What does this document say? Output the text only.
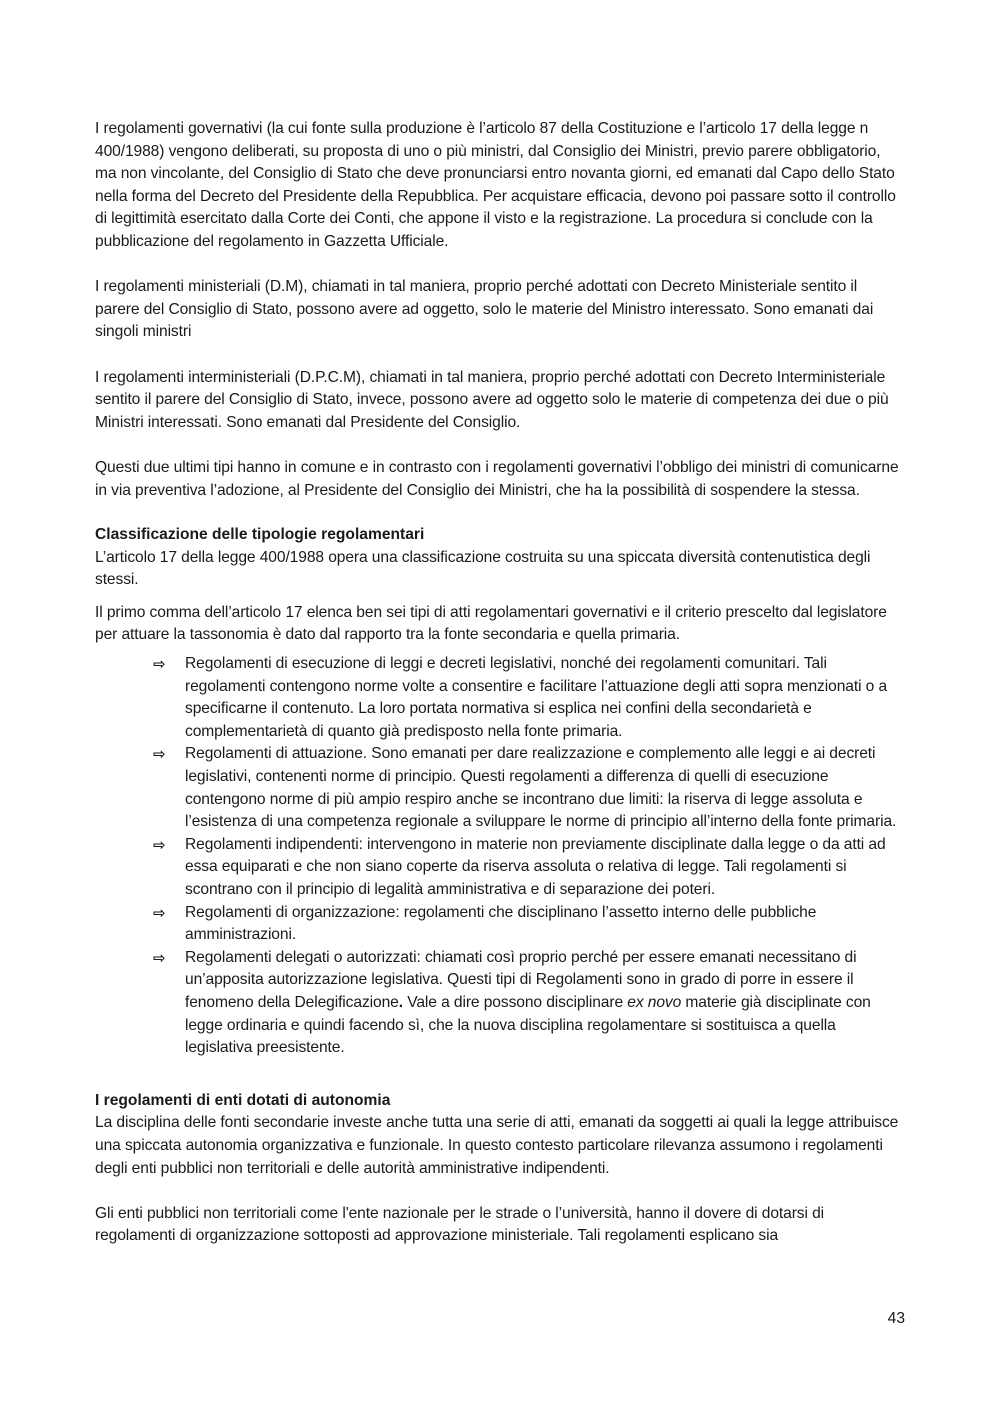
I regolamenti governativi (la cui fonte sulla produzione è l’articolo 87 della Costituzione e l’articolo 17 della legge n 400/1988) vengono deliberati, su proposta di uno o più ministri, dal Consiglio dei Ministri, previo parere obbligatorio, ma non vincolante, del Consiglio di Stato che deve pronunciarsi entro novanta giorni, ed emanati dal Capo dello Stato nella forma del Decreto del Presidente della Repubblica. Per acquistare efficacia, devono poi passare sotto il controllo di legittimità esercitato dalla Corte dei Conti, che appone il visto e la registrazione. La procedura si conclude con la pubblicazione del regolamento in Gazzetta Ufficiale.

I regolamenti ministeriali (D.M), chiamati in tal maniera, proprio perché adottati con Decreto Ministeriale sentito il parere del Consiglio di Stato, possono avere ad oggetto, solo le materie del Ministro interessato. Sono emanati dai singoli ministri

I regolamenti interministeriali (D.P.C.M), chiamati in tal maniera, proprio perché adottati con Decreto Interministeriale sentito il parere del Consiglio di Stato, invece, possono avere ad oggetto solo le materie di competenza dei due o più Ministri interessati. Sono emanati dal Presidente del Consiglio.

Questi due ultimi tipi hanno in comune e in contrasto con i regolamenti governativi l’obbligo dei ministri di comunicarne in via preventiva l’adozione, al Presidente del Consiglio dei Ministri, che ha la possibilità di sospendere la stessa.

Classificazione delle tipologie regolamentari

L’articolo 17 della legge 400/1988 opera una classificazione costruita su una spiccata diversità contenutistica degli stessi.

Il primo comma dell’articolo 17 elenca ben sei tipi di atti regolamentari governativi e il criterio prescelto dal legislatore per attuare la tassonomia è dato dal rapporto tra la fonte secondaria e quella primaria.

⇨ Regolamenti di esecuzione di leggi e decreti legislativi, nonché dei regolamenti comunitari. Tali regolamenti contengono norme volte a consentire e facilitare l’attuazione degli atti sopra menzionati o a specificarne il contenuto. La loro portata normativa si esplica nei confini della secondarietà e complementarietà di quanto già predisposto nella fonte primaria.
⇨ Regolamenti di attuazione. Sono emanati per dare realizzazione e complemento alle leggi e ai decreti legislativi, contenenti norme di principio. Questi regolamenti a differenza di quelli di esecuzione contengono norme di più ampio respiro anche se incontrano due limiti: la riserva di legge assoluta e l’esistenza di una competenza regionale a sviluppare le norme di principio all’interno della fonte primaria.
⇨ Regolamenti indipendenti: intervengono in materie non previamente disciplinate dalla legge o da atti ad essa equiparati e che non siano coperte da riserva assoluta o relativa di legge. Tali regolamenti si scontrano con il principio di legalità amministrativa e di separazione dei poteri.
⇨ Regolamenti di organizzazione: regolamenti che disciplinano l’assetto interno delle pubbliche amministrazioni.
⇨ Regolamenti delegati o autorizzati: chiamati così proprio perché per essere emanati necessitano di un’apposita autorizzazione legislativa. Questi tipi di Regolamenti sono in grado di porre in essere il fenomeno della Delegificazione. Vale a dire possono disciplinare ex novo materie già disciplinate con legge ordinaria e quindi facendo sì, che la nuova disciplina regolamentare si sostituisca a quella legislativa preesistente.
I regolamenti di enti dotati di autonomia

La disciplina delle fonti secondarie investe anche tutta una serie di atti, emanati da soggetti ai quali la legge attribuisce una spiccata autonomia organizzativa e funzionale. In questo contesto particolare rilevanza assumono i regolamenti degli enti pubblici non territoriali e delle autorità amministrative indipendenti.

Gli enti pubblici non territoriali come l'ente nazionale per le strade o l’università, hanno il dovere di dotarsi di regolamenti di organizzazione sottoposti ad approvazione ministeriale. Tali regolamenti esplicano sia

43
